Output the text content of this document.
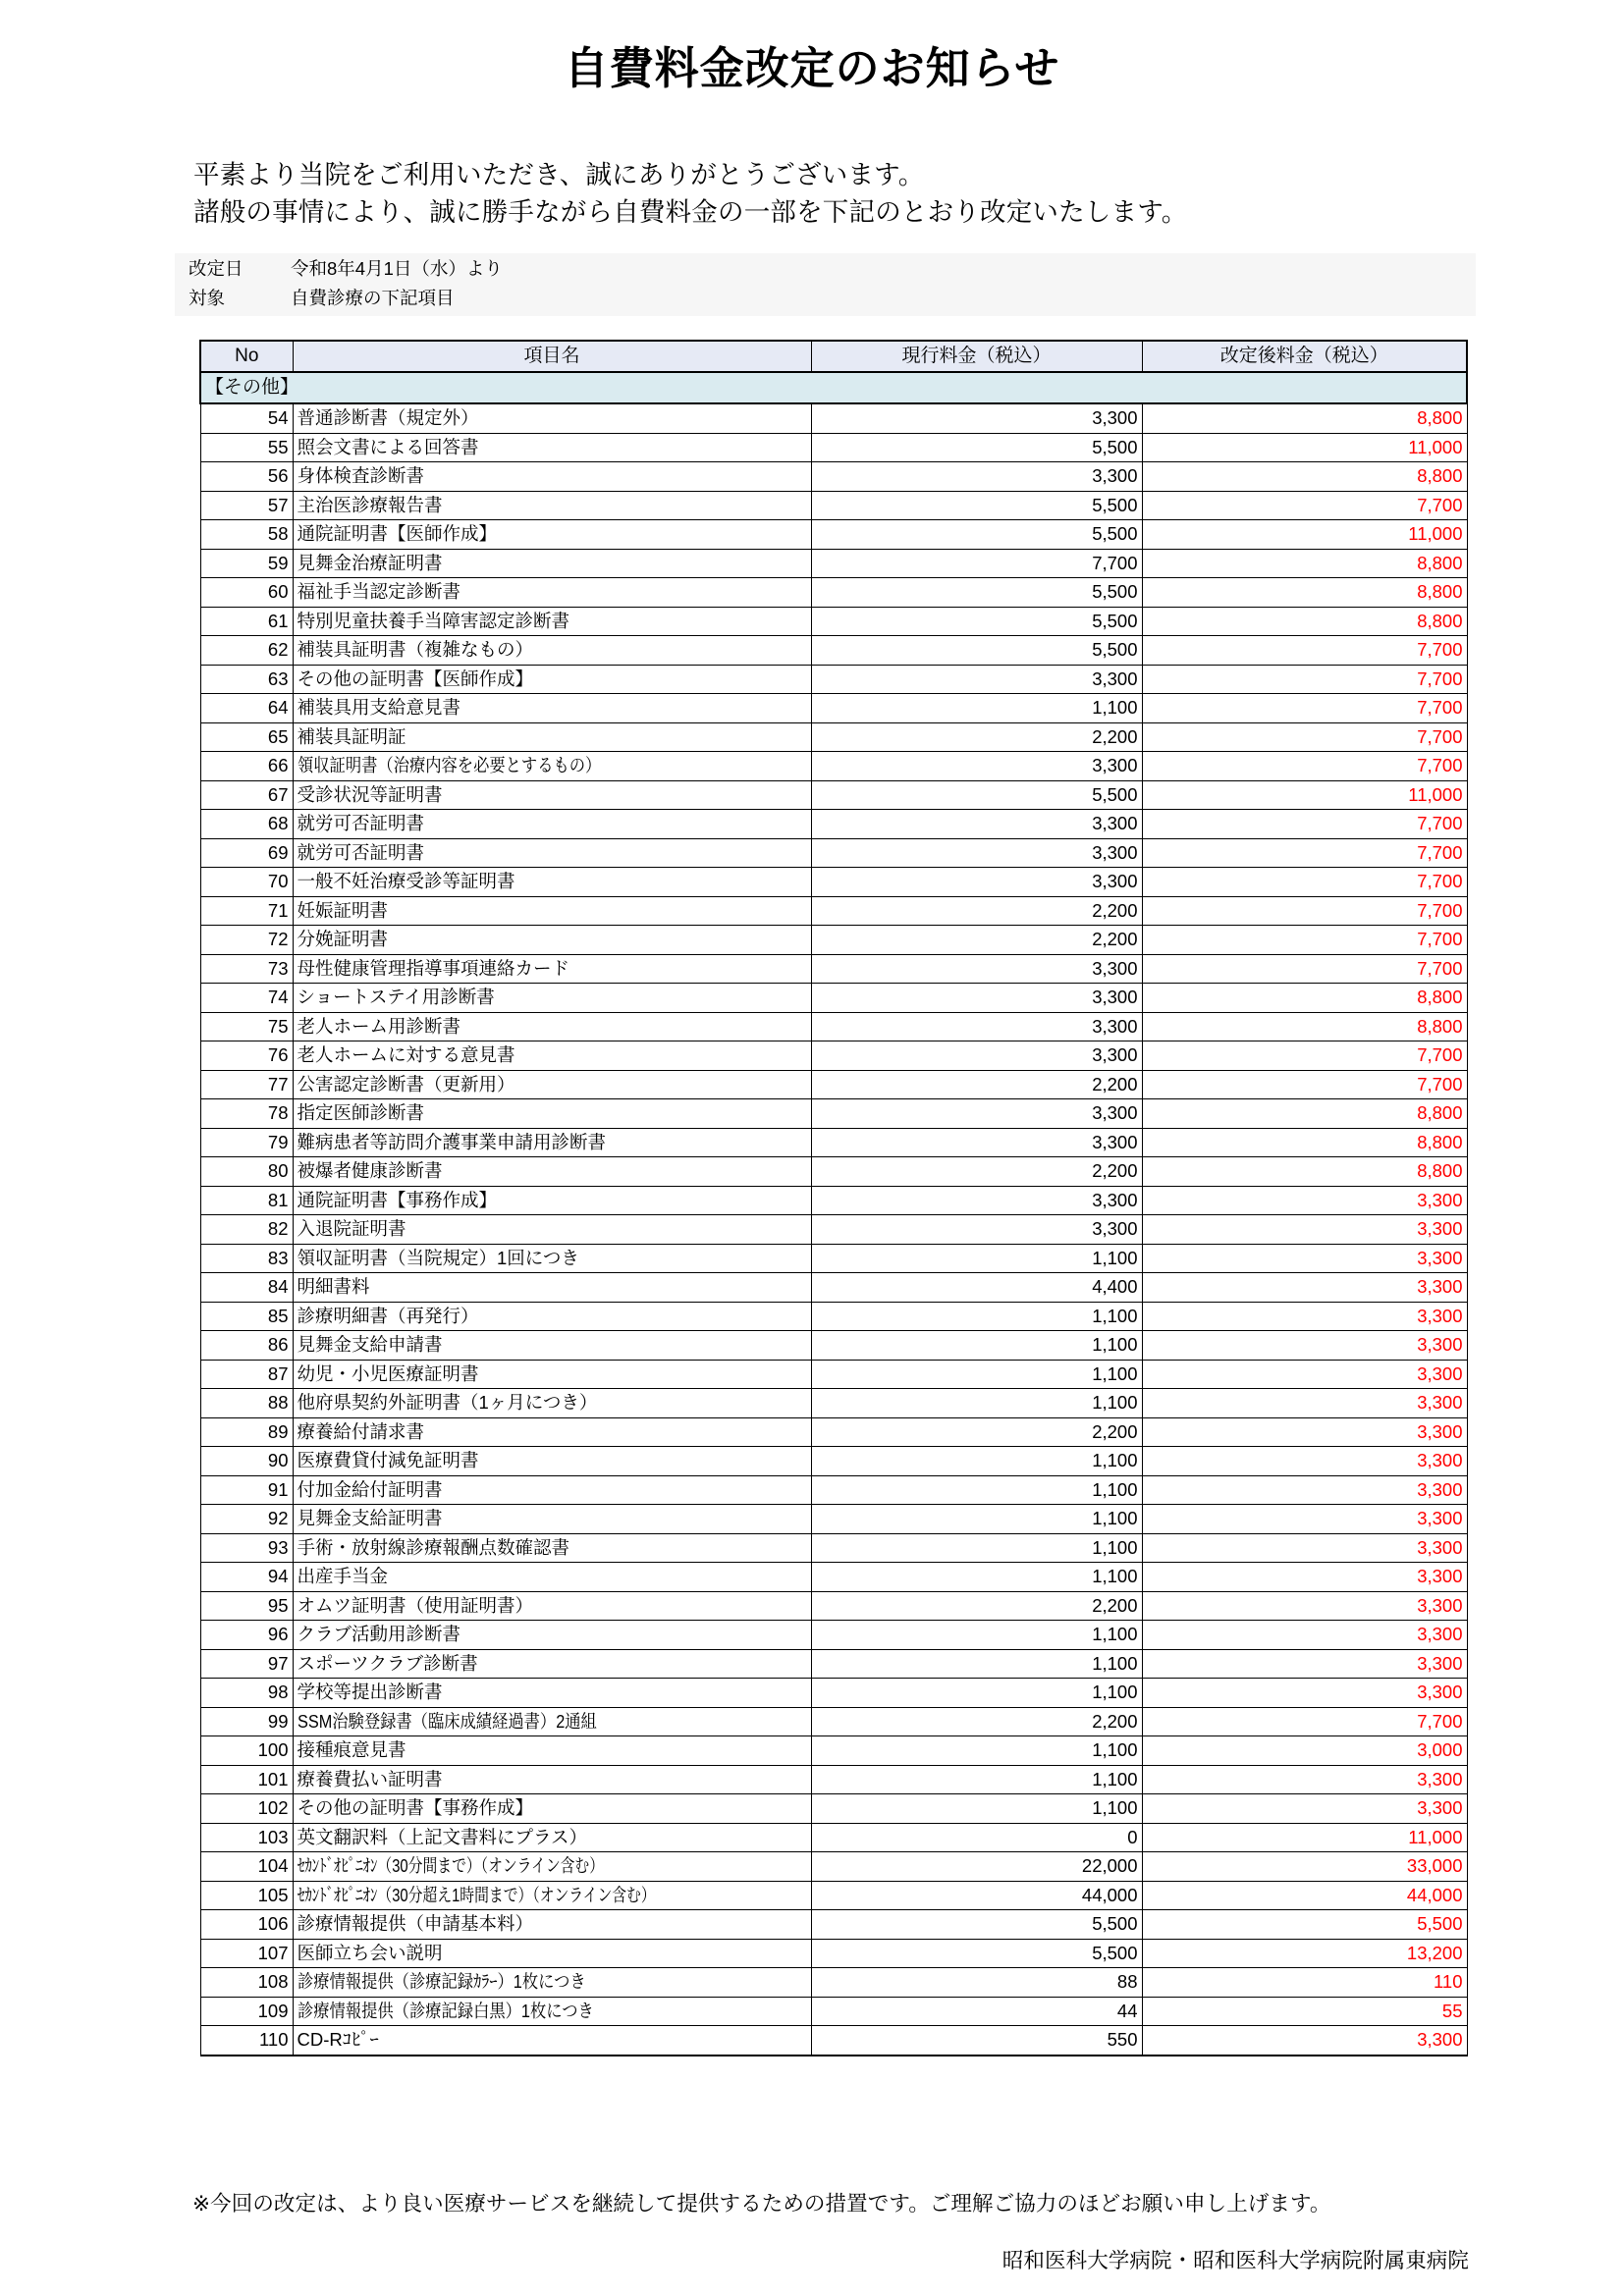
自費料金改定のお知らせ
平素より当院をご利用いただき、誠にありがとうございます。
諸般の事情により、誠に勝手ながら自費料金の一部を下記のとおり改定いたします。
改定日	令和8年4月1日（水）より
対象	自費診療の下記項目
No	項目名	現行料金（税込）	改定後料金（税込）
【その他】			
54	普通診断書（規定外）	3,300	8,800
55	照会文書による回答書	5,500	11,000
56	身体検査診断書	3,300	8,800
57	主治医診療報告書	5,500	7,700
58	通院証明書【医師作成】	5,500	11,000
59	見舞金治療証明書	7,700	8,800
60	福祉手当認定診断書	5,500	8,800
61	特別児童扶養手当障害認定診断書	5,500	8,800
62	補装具証明書（複雑なもの）	5,500	7,700
63	その他の証明書【医師作成】	3,300	7,700
64	補装具用支給意見書	1,100	7,700
65	補装具証明証	2,200	7,700
66	領収証明書（治療内容を必要とするもの）	3,300	7,700
67	受診状況等証明書	5,500	11,000
68	就労可否証明書	3,300	7,700
69	就労可否証明書	3,300	7,700
70	一般不妊治療受診等証明書	3,300	7,700
71	妊娠証明書	2,200	7,700
72	分娩証明書	2,200	7,700
73	母性健康管理指導事項連絡カード	3,300	7,700
74	ショートステイ用診断書	3,300	8,800
75	老人ホーム用診断書	3,300	8,800
76	老人ホームに対する意見書	3,300	7,700
77	公害認定診断書（更新用）	2,200	7,700
78	指定医師診断書	3,300	8,800
79	難病患者等訪問介護事業申請用診断書	3,300	8,800
80	被爆者健康診断書	2,200	8,800
81	通院証明書【事務作成】	3,300	3,300
82	入退院証明書	3,300	3,300
83	領収証明書（当院規定）1回につき	1,100	3,300
84	明細書料	4,400	3,300
85	診療明細書（再発行）	1,100	3,300
86	見舞金支給申請書	1,100	3,300
87	幼児・小児医療証明書	1,100	3,300
88	他府県契約外証明書（1ヶ月につき）	1,100	3,300
89	療養給付請求書	2,200	3,300
90	医療費貸付減免証明書	1,100	3,300
91	付加金給付証明書	1,100	3,300
92	見舞金支給証明書	1,100	3,300
93	手術・放射線診療報酬点数確認書	1,100	3,300
94	出産手当金	1,100	3,300
95	オムツ証明書（使用証明書）	2,200	3,300
96	クラブ活動用診断書	1,100	3,300
97	スポーツクラブ診断書	1,100	3,300
98	学校等提出診断書	1,100	3,300
99	SSM治験登録書（臨床成績経過書）2通組	2,200	7,700
100	接種痕意見書	1,100	3,000
101	療養費払い証明書	1,100	3,300
102	その他の証明書【事務作成】	1,100	3,300
103	英文翻訳料（上記文書料にプラス）	0	11,000
104	ｾｶﾝﾄﾞｵﾋﾟﾆｵﾝ（30分間まで）（オンライン含む）	22,000	33,000
105	ｾｶﾝﾄﾞｵﾋﾟﾆｵﾝ（30分超え1時間まで）（オンライン含む）	44,000	44,000
106	診療情報提供（申請基本料）	5,500	5,500
107	医師立ち会い説明	5,500	13,200
108	診療情報提供（診療記録ｶﾗｰ）1枚につき	88	110
109	診療情報提供（診療記録白黒）1枚につき	44	55
110	CD-Rｺﾋﾟｰ	550	3,300
※今回の改定は、より良い医療サービスを継続して提供するための措置です。ご理解ご協力のほどお願い申し上げます。
昭和医科大学病院・昭和医科大学病院附属東病院
